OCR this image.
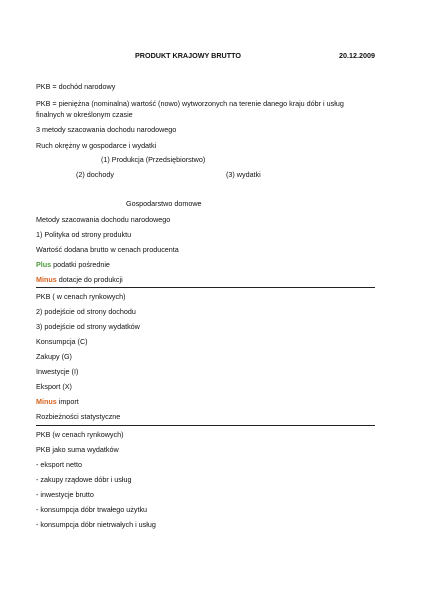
PRODUKT KRAJOWY BRUTTO	20.12.2009
PKB = dochód narodowy
PKB = pieniężna (nominalna) wartość (nowo) wytworzonych na terenie danego kraju dóbr i usług
finalnych w określonym czasie
3 metody szacowania dochodu narodowego
Ruch okrężny w gospodarce i wydatki
(1) Produkcja (Przedsiębiorstwo)
(2) dochody	(3) wydatki
Gospodarstwo domowe
Metody szacowania dochodu narodowego
1) Polityka od strony produktu
Wartość dodana brutto w cenach producenta
Plus podatki pośrednie
Minus dotacje do produkcji
PKB ( w cenach rynkowych)
2) podejście od strony dochodu
3) podejście od strony wydatków
Konsumpcja (C)
Zakupy (G)
Inwestycje (I)
Eksport (X)
Minus import
Rozbieżności statystyczne
PKB (w cenach rynkowych)
PKB jako suma wydatków
- eksport netto
- zakupy rządowe dóbr i usług
- inwestycje brutto
- konsumpcja dóbr trwałego użytku
- konsumpcja dóbr nietrwałych i usług
